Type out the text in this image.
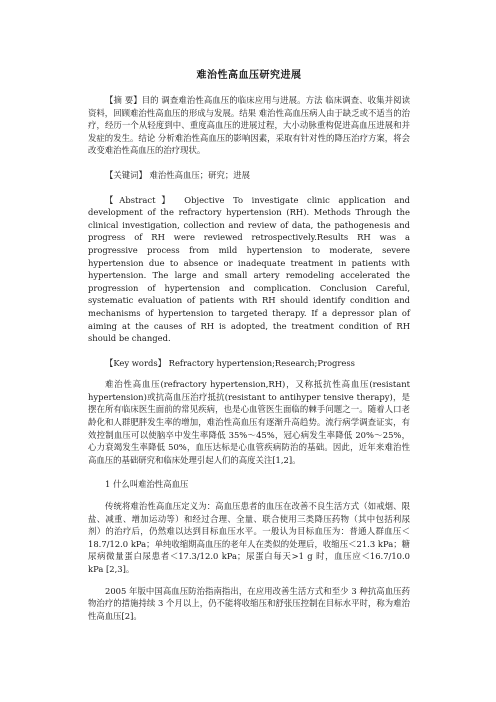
难治性高血压研究进展

【摘 要】目的 调查难治性高血压的临床应用与进展。方法 临床调查、收集并阅读资料，回顾难治性高血压的形成与发展。结果 难治性高血压病人由于缺乏或不适当的治疗，经历一个从轻度到中、重度高血压的进展过程，大小动脉重构促进高血压进展和并发症的发生。结论 分析难治性高血压的影响因素，采取有针对性的降压治疗方案，将会改变难治性高血压的治疗现状。

【关键词】 难治性高血压；研究；进展

【Abstract】 Objective To investigate clinic application and development of the refractory hypertension (RH). Methods Through the clinical investigation, collection and review of data, the pathogenesis and progress of RH were reviewed retrospectively.Results RH was a progressive process from mild hypertension to moderate, severe hypertension due to absence or inadequate treatment in patients with hypertension. The large and small artery remodeling accelerated the progression of hypertension and complication. Conclusion Careful, systematic evaluation of patients with RH should identify condition and mechanisms of hypertension to targeted therapy. If a depressor plan of aiming at the causes of RH is adopted, the treatment condition of RH should be changed.

【Key words】 Refractory hypertension;Research;Progress

难治性高血压(refractory hypertension,RH)，又称抵抗性高血压(resistant hypertension)或抗高血压治疗抵抗(resistant to antihyper tensive therapy)，是摆在所有临床医生面前的常见疾病，也是心血管医生面临的棘手问题之一。随着人口老龄化和人群肥胖发生率的增加，难治性高血压有逐渐升高趋势。流行病学调查证实，有效控制血压可以使脑卒中发生率降低 35%～45%，冠心病发生率降低 20%～25%，心力衰竭发生率降低 50%，血压达标是心血管疾病防治的基础。因此，近年来难治性高血压的基础研究和临床处理引起人们的高度关注[1,2]。

1 什么叫难治性高血压

传统将难治性高血压定义为：高血压患者的血压在改善不良生活方式（如戒烟、限盐、减重、增加运动等）和经过合理、全量、联合使用三类降压药物（其中包括利尿剂）的治疗后，仍然难以达到目标血压水平。一般认为目标血压为：普通人群血压＜18.7/12.0 kPa；单纯收缩期高血压的老年人在类似的处理后，收缩压＜21.3 kPa；糖尿病微量蛋白尿患者＜17.3/12.0 kPa；尿蛋白每天>1 g 时，血压应＜16.7/10.0 kPa [2,3]。

2005 年版中国高血压防治指南指出，在应用改善生活方式和至少 3 种抗高血压药物治疗的措施持续 3 个月以上，仍不能将收缩压和舒张压控制在目标水平时，称为难治性高血压[2]。
